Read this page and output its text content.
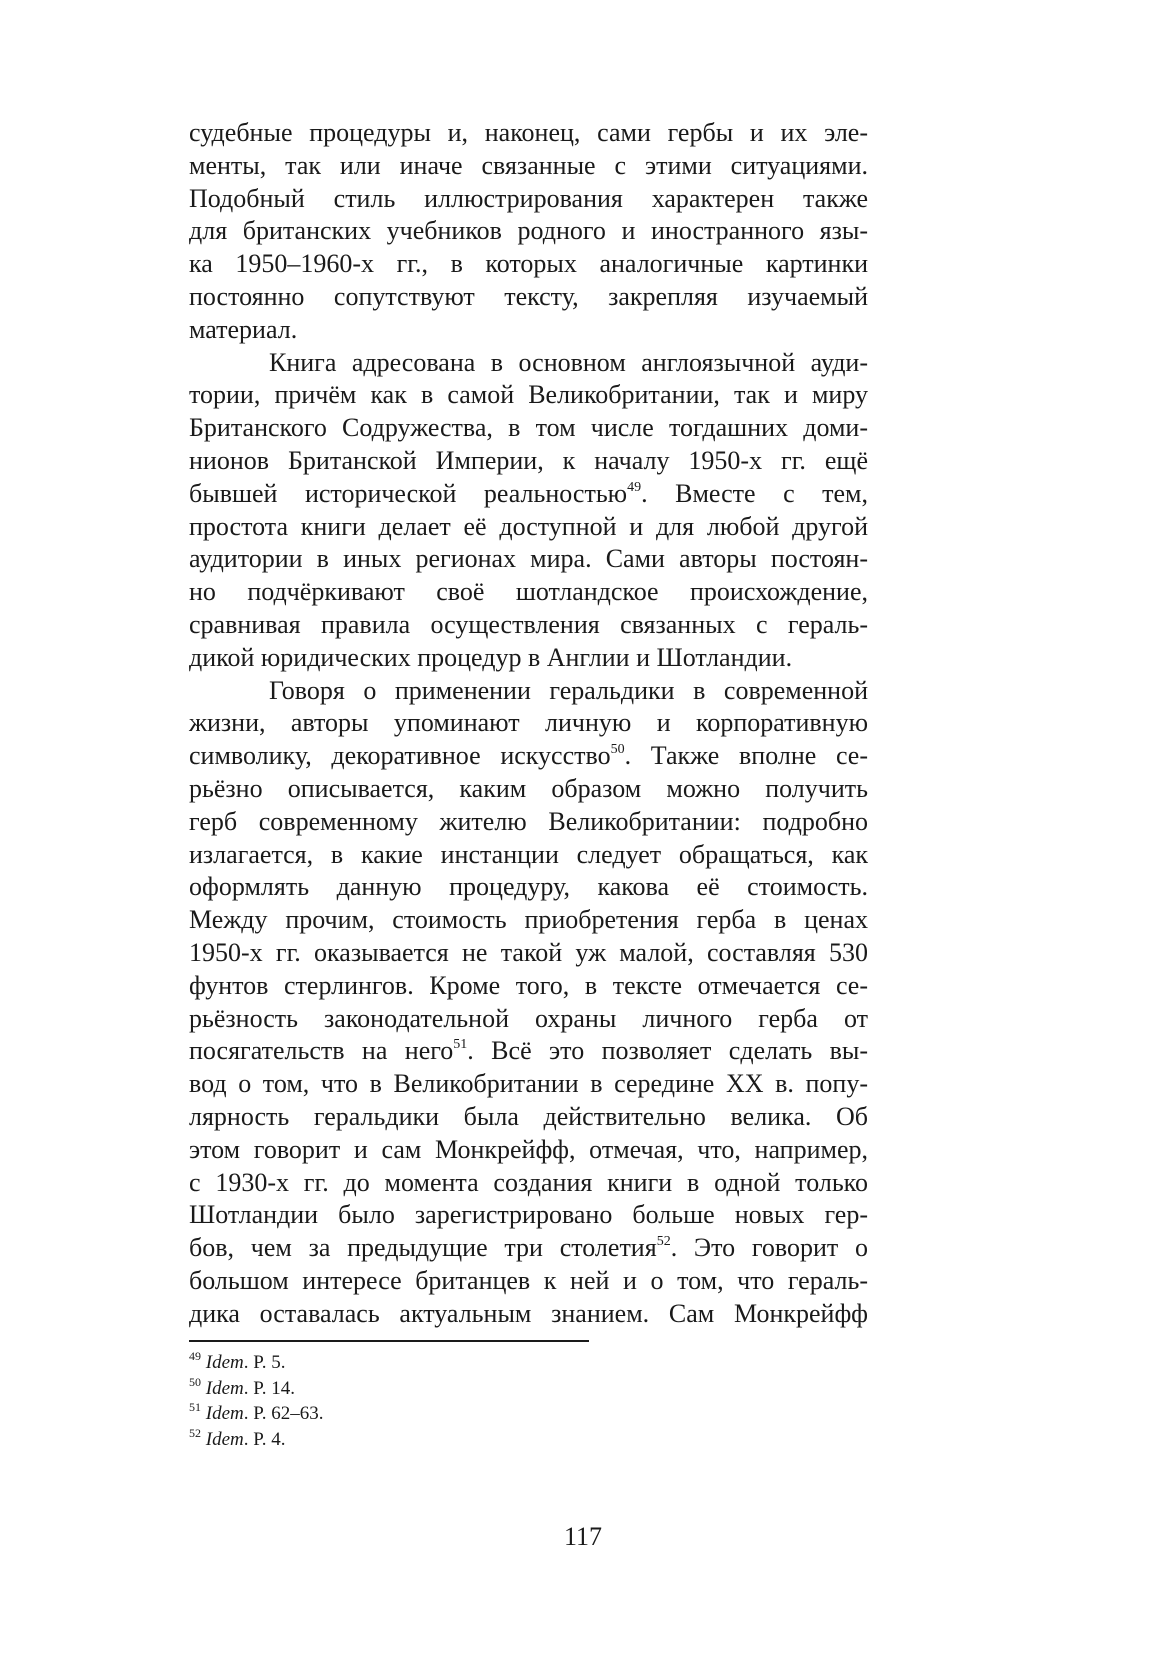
судебные процедуры и, наконец, сами гербы и их эле-
менты, так или иначе связанные с этими ситуациями.
Подобный стиль иллюстрирования характерен также
для британских учебников родного и иностранного язы-
ка 1950–1960-х гг., в которых аналогичные картинки
постоянно сопутствуют тексту, закрепляя изучаемый
материал.
Книга адресована в основном англоязычной ауди-
тории, причём как в самой Великобритании, так и миру
Британского Содружества, в том числе тогдашних доми-
нионов Британской Империи, к началу 1950-х гг. ещё
бывшей исторической реальностью$^{49}$. Вместе с тем,
простота книги делает её доступной и для любой другой
аудитории в иных регионах мира. Сами авторы постоян-
но подчёркивают своё шотландское происхождение,
сравнивая правила осуществления связанных с гераль-
дикой юридических процедур в Англии и Шотландии.
Говоря о применении геральдики в современной
жизни, авторы упоминают личную и корпоративную
символику, декоративное искусство$^{50}$. Также вполне се-
рьёзно описывается, каким образом можно получить
герб современному жителю Великобритании: подробно
излагается, в какие инстанции следует обращаться, как
оформлять данную процедуру, какова её стоимость.
Между прочим, стоимость приобретения герба в ценах
1950-х гг. оказывается не такой уж малой, составляя 530
фунтов стерлингов. Кроме того, в тексте отмечается се-
рьёзность законодательной охраны личного герба от
посягательств на него$^{51}$. Всё это позволяет сделать вы-
вод о том, что в Великобритании в середине XX в. попу-
лярность геральдики была действительно велика. Об
этом говорит и сам Монкрейфф, отмечая, что, например,
с 1930-х гг. до момента создания книги в одной только
Шотландии было зарегистрировано больше новых гер-
бов, чем за предыдущие три столетия$^{52}$. Это говорит о
большом интересе британцев к ней и о том, что гераль-
дика оставалась актуальным знанием. Сам Монкрейфф
$^{49}$ Idem. P. 5.
$^{50}$ Idem. P. 14.
$^{51}$ Idem. P. 62–63.
$^{52}$ Idem. P. 4.
117
